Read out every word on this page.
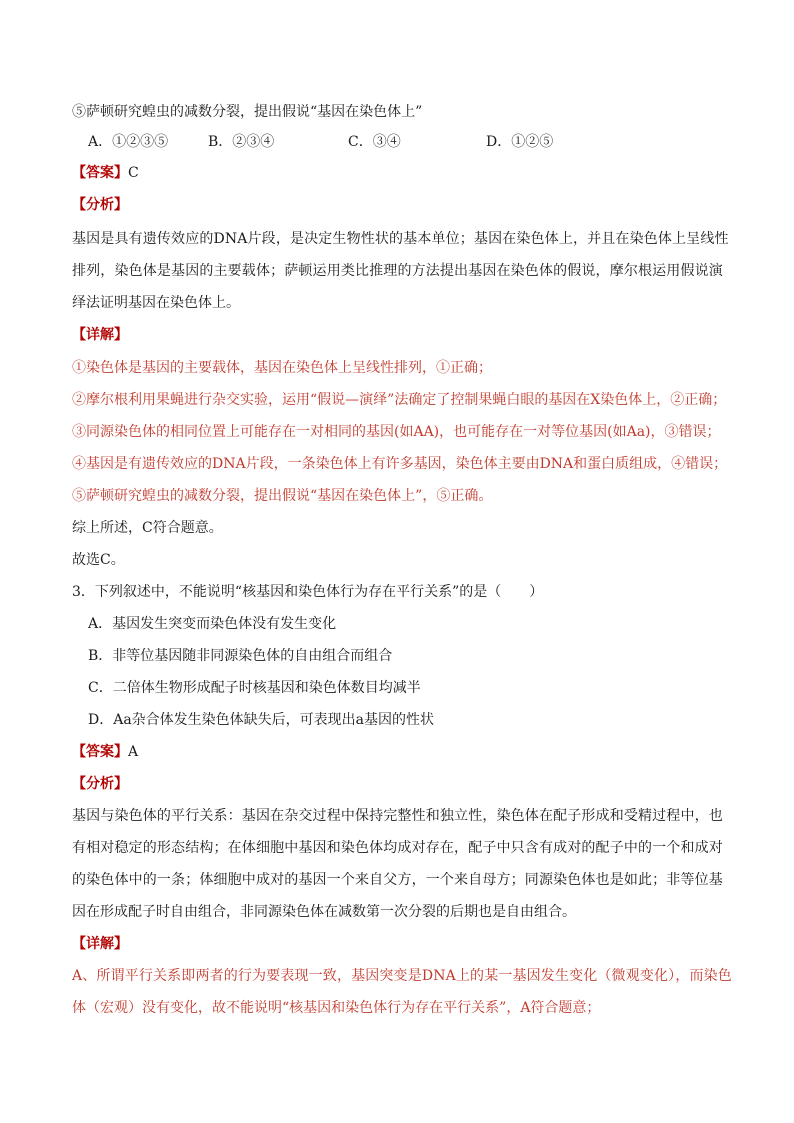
⑤萨顿研究蝗虫的减数分裂，提出假说“基因在染色体上”
A．①②③⑤	B．②③④	C．③④	D．①②⑤
【答案】C
【分析】
基因是具有遗传效应的DNA片段，是决定生物性状的基本单位；基因在染色体上，并且在染色体上呈线性
排列，染色体是基因的主要载体；萨顿运用类比推理的方法提出基因在染色体的假说，摩尔根运用假说演
绎法证明基因在染色体上。
【详解】
①染色体是基因的主要载体，基因在染色体上呈线性排列，①正确；
②摩尔根利用果蝇进行杂交实验，运用“假说—演绎”法确定了控制果蝇白眼的基因在X染色体上，②正确；
③同源染色体的相同位置上可能存在一对相同的基因(如AA)，也可能存在一对等位基因(如Aa)，③错误；
④基因是有遗传效应的DNA片段，一条染色体上有许多基因，染色体主要由DNA和蛋白质组成，④错误；
⑤萨顿研究蝗虫的减数分裂，提出假说“基因在染色体上”，⑤正确。
综上所述，C符合题意。
故选C。
3．下列叙述中，不能说明“核基因和染色体行为存在平行关系”的是（　　）
A．基因发生突变而染色体没有发生变化
B．非等位基因随非同源染色体的自由组合而组合
C．二倍体生物形成配子时核基因和染色体数目均减半
D．Aa杂合体发生染色体缺失后，可表现出a基因的性状
【答案】A
【分析】
基因与染色体的平行关系：基因在杂交过程中保持完整性和独立性，染色体在配子形成和受精过程中，也
有相对稳定的形态结构；在体细胞中基因和染色体均成对存在，配子中只含有成对的配子中的一个和成对
的染色体中的一条；体细胞中成对的基因一个来自父方，一个来自母方；同源染色体也是如此；非等位基
因在形成配子时自由组合，非同源染色体在减数第一次分裂的后期也是自由组合。
【详解】
A、所谓平行关系即两者的行为要表现一致，基因突变是DNA上的某一基因发生变化（微观变化），而染色
体（宏观）没有变化，故不能说明“核基因和染色体行为存在平行关系”，A符合题意；
